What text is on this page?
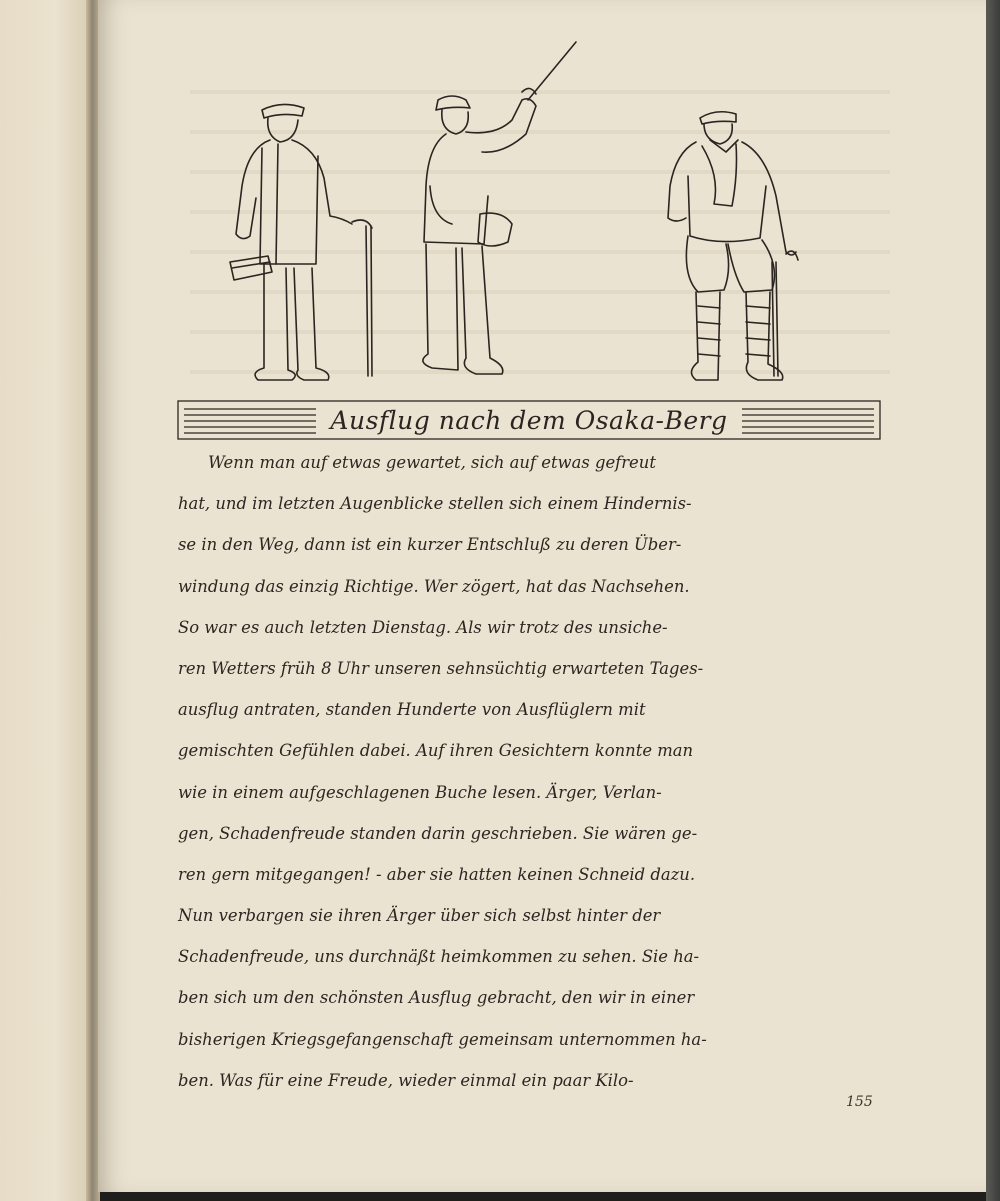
Ausflug nach dem Osaka-Berg
Wenn man auf etwas gewartet, sich auf etwas gefreut
hat, und im letzten Augenblicke stellen sich einem Hindernis-
se in den Weg, dann ist ein kurzer Entschluß zu deren Über-
windung das einzig Richtige. Wer zögert, hat das Nachsehen.
So war es auch letzten Dienstag. Als wir trotz des unsiche-
ren Wetters früh 8 Uhr unseren sehnsüchtig erwarteten Tages-
ausflug antraten, standen Hunderte von Ausflüglern mit
gemischten Gefühlen dabei. Auf ihren Gesichtern konnte man
wie in einem aufgeschlagenen Buche lesen. Ärger, Verlan-
gen, Schadenfreude standen darin geschrieben. Sie wären ge-
ren gern mitgegangen! - aber sie hatten keinen Schneid dazu.
Nun verbargen sie ihren Ärger über sich selbst hinter der
Schadenfreude, uns durchnäßt heimkommen zu sehen. Sie ha-
ben sich um den schönsten Ausflug gebracht, den wir in einer
bisherigen Kriegsgefangenschaft gemeinsam unternommen ha-
ben. Was für eine Freude, wieder einmal ein paar Kilo-
155
